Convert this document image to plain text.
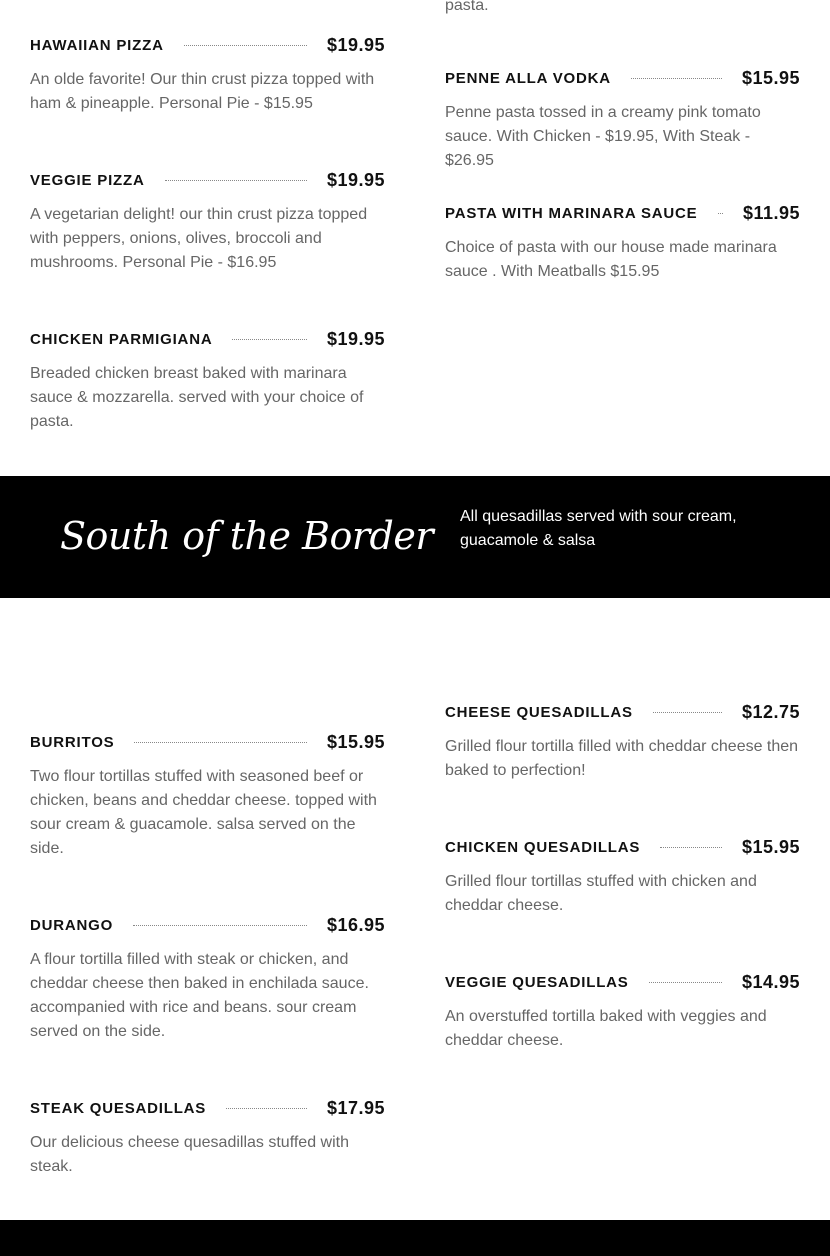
pasta.
HAWAIIAN PIZZA	$19.95
An olde favorite! Our thin crust pizza topped with ham & pineapple. Personal Pie - $15.95
VEGGIE PIZZA	$19.95
A vegetarian delight! our thin crust pizza topped with peppers, onions, olives, broccoli and mushrooms. Personal Pie - $16.95
CHICKEN PARMIGIANA	$19.95
Breaded chicken breast baked with marinara sauce & mozzarella. served with your choice of pasta.
PENNE ALLA VODKA	$15.95
Penne pasta tossed in a creamy pink tomato sauce. With Chicken - $19.95, With Steak - $26.95
PASTA WITH MARINARA SAUCE	$11.95
Choice of pasta with our house made marinara sauce . With Meatballs $15.95
South of the Border All quesadillas served with sour cream, guacamole & salsa
BURRITOS	$15.95
Two flour tortillas stuffed with seasoned beef or chicken, beans and cheddar cheese. topped with sour cream & guacamole. salsa served on the side.
DURANGO	$16.95
A flour tortilla filled with steak or chicken, and cheddar cheese then baked in enchilada sauce. accompanied with rice and beans. sour cream served on the side.
STEAK QUESADILLAS	$17.95
Our delicious cheese quesadillas stuffed with steak.
CHEESE QUESADILLAS	$12.75
Grilled flour tortilla filled with cheddar cheese then baked to perfection!
CHICKEN QUESADILLAS	$15.95
Grilled flour tortillas stuffed with chicken and cheddar cheese.
VEGGIE QUESADILLAS	$14.95
An overstuffed tortilla baked with veggies and cheddar cheese.
